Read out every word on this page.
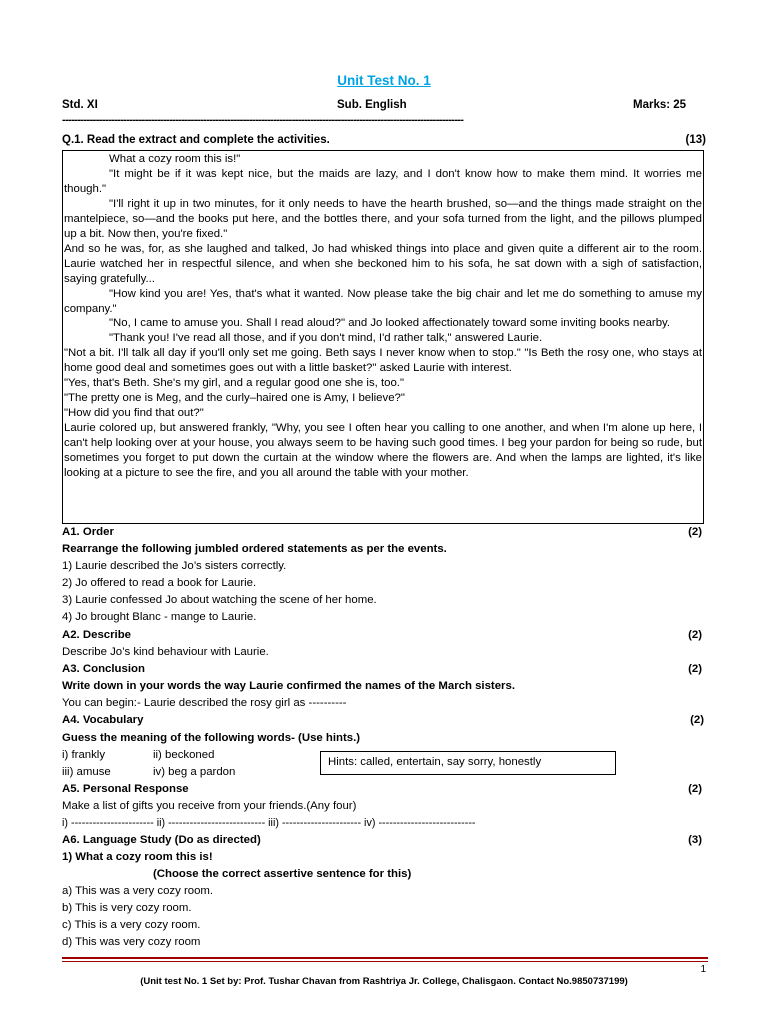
Unit Test No. 1
Std. XI	Sub. English	Marks: 25
-----------------------------------------------------------------------------------------------------------------------------------
Q.1. Read the extract and complete the activities.	(13)

What a cozy room this is!"

"It might be if it was kept nice, but the maids are lazy, and I don't know how to make them mind. It worries me though."

"I'll right it up in two minutes, for it only needs to have the hearth brushed, so—and the things made straight on the mantelpiece, so—and the books put here, and the bottles there, and your sofa turned from the light, and the pillows plumped up a bit. Now then, you're fixed."

And so he was, for, as she laughed and talked, Jo had whisked things into place and given quite a different air to the room. Laurie watched her in respectful silence, and when she beckoned him to his sofa, he sat down with a sigh of satisfaction, saying gratefully...

"How kind you are! Yes, that's what it wanted. Now please take the big chair and let me do something to amuse my company."

"No, I came to amuse you. Shall I read aloud?" and Jo looked affectionately toward some inviting books nearby.

"Thank you! I've read all those, and if you don't mind, I'd rather talk," answered Laurie.

"Not a bit. I'll talk all day if you'll only set me going. Beth says I never know when to stop." "Is Beth the rosy one, who stays at home good deal and sometimes goes out with a little basket?" asked Laurie with interest.

"Yes, that's Beth. She's my girl, and a regular good one she is, too."

"The pretty one is Meg, and the curly–haired one is Amy, I believe?"

"How did you find that out?"

Laurie colored up, but answered frankly, "Why, you see I often hear you calling to one another, and when I'm alone up here, I can't help looking over at your house, you always seem to be having such good times. I beg your pardon for being so rude, but sometimes you forget to put down the curtain at the window where the flowers are. And when the lamps are lighted, it's like looking at a picture to see the fire, and you all around the table with your mother.

A1. Order	(2)
Rearrange the following jumbled ordered statements as per the events.
1) Laurie described the Jo’s sisters correctly.
2) Jo offered to read a book for Laurie.
3) Laurie confessed Jo about watching the scene of her home.
4) Jo brought Blanc - mange to Laurie.
A2. Describe	(2)
Describe Jo’s kind behaviour with Laurie.
A3. Conclusion	(2)
Write down in your words the way Laurie confirmed the names of the March sisters.
You can begin:- Laurie described the rosy girl as ----------
A4. Vocabulary	(2)
Guess the meaning of the following words- (Use hints.)
i) frankly	ii) beckoned
iii) amuse	iv) beg a pardon
Hints: called, entertain, say sorry, honestly
A5. Personal Response	(2)
Make a list of gifts you receive from your friends.(Any four)
i) ----------------------- ii) --------------------------- iii) ---------------------- iv) ---------------------------
A6. Language Study (Do as directed)	(3)
1) What a cozy room this is!
(Choose the correct assertive sentence for this)
a) This was a very cozy room.
b) This is very cozy room.
c) This is a very cozy room.
d) This was very cozy room
1
(Unit test No. 1 Set by: Prof. Tushar Chavan from Rashtriya Jr. College, Chalisgaon. Contact No.9850737199)
